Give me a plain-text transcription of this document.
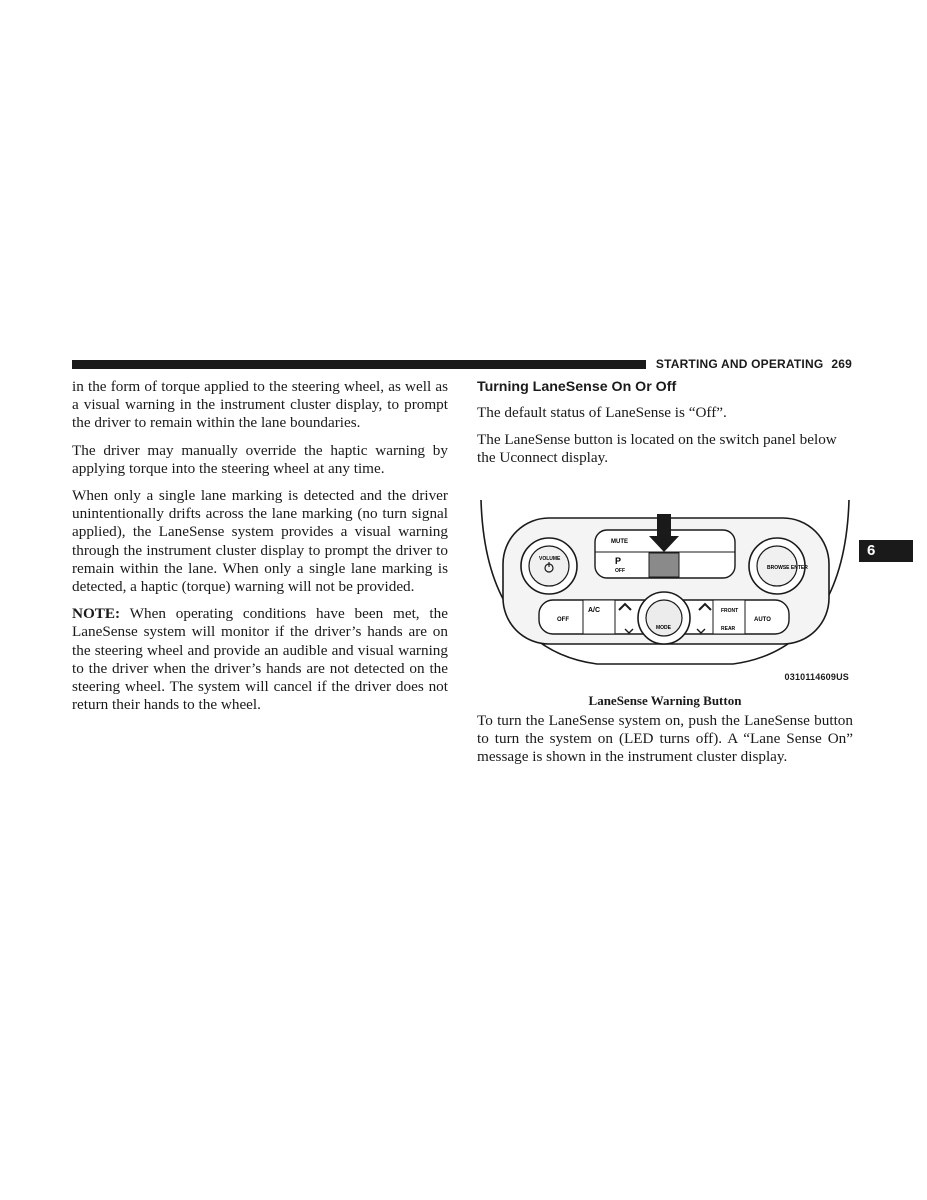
STARTING AND OPERATING 269

in the form of torque applied to the steering wheel, as well as a visual warning in the instrument cluster display, to prompt the driver to remain within the lane boundaries.

The driver may manually override the haptic warning by applying torque into the steering wheel at any time.

When only a single lane marking is detected and the driver unintentionally drifts across the lane marking (no turn signal applied), the LaneSense system provides a visual warning through the instrument cluster display to prompt the driver to remain within the lane. When only a single lane marking is detected, a haptic (torque) warning will not be provided.

NOTE: When operating conditions have been met, the LaneSense system will monitor if the driver’s hands are on the steering wheel and provide an audible and visual warning to the driver when the driver’s hands are not detected on the steering wheel. The system will cancel if the driver does not return their hands to the wheel.

Turning LaneSense On Or Off

The default status of LaneSense is “Off”.

The LaneSense button is located on the switch panel below the Uconnect display.

VOLUME
BROWSE ENTER
MUTE
P
OFF
OFF
A/C
AUTO
FRONT
REAR
MODE
0310114609US
LaneSense Warning Button

To turn the LaneSense system on, push the LaneSense button to turn the system on (LED turns off). A “Lane Sense On” message is shown in the instrument cluster display.

6
